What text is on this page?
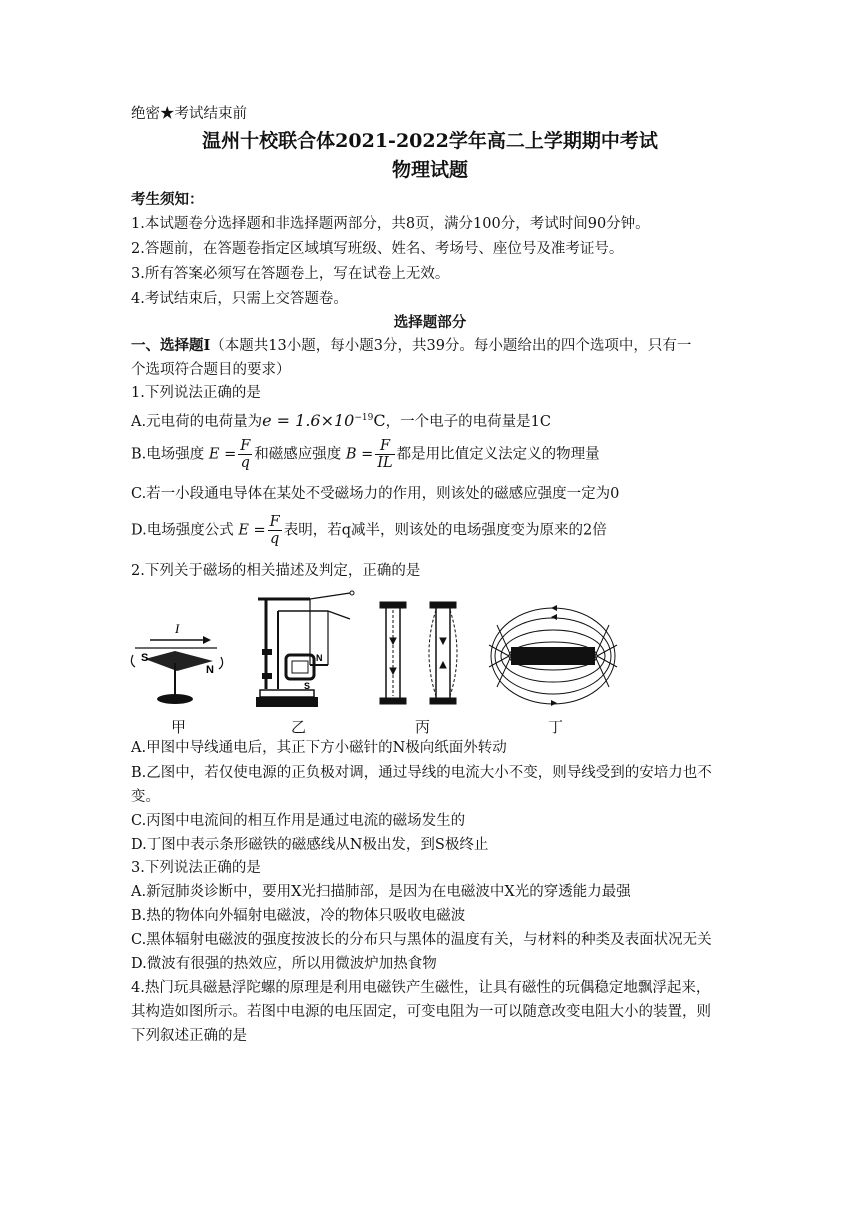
绝密★考试结束前
温州十校联合体2021-2022学年高二上学期期中考试
物理试题
考生须知：
1.本试题卷分选择题和非选择题两部分，共8页，满分100分，考试时间90分钟。
2.答题前，在答题卷指定区域填写班级、姓名、考场号、座位号及准考证号。
3.所有答案必须写在答题卷上，写在试卷上无效。
4.考试结束后，只需上交答题卷。
选择题部分
一、选择题Ⅰ（本题共13小题，每小题3分，共39分。每小题给出的四个选项中，只有一
个选项符合题目的要求）
1.下列说法正确的是
A.元电荷的电荷量为$e = 1.6\times 10^{-19}C$，一个电子的电荷量是1C
B.电场强度 $E = \frac{F}{q}$ 和磁感应强度 $B = \frac{F}{IL}$ 都是用比值定义法定义的物理量
C.若一小段通电导体在某处不受磁场力的作用，则该处的磁感应强度一定为0
D.电场强度公式 $E = \frac{F}{q}$ 表明，若q减半，则该处的电场强度变为原来的2倍
2.下列关于磁场的相关描述及判定，正确的是
I
S
N
甲
N
S
乙	丙	丁
A.甲图中导线通电后，其正下方小磁针的N极向纸面外转动
B.乙图中，若仅使电源的正负极对调，通过导线的电流大小不变，则导线受到的安培力也不
变。
C.丙图中电流间的相互作用是通过电流的磁场发生的
D.丁图中表示条形磁铁的磁感线从N极出发，到S极终止
3.下列说法正确的是
A.新冠肺炎诊断中，要用X光扫描肺部，是因为在电磁波中X光的穿透能力最强
B.热的物体向外辐射电磁波，冷的物体只吸收电磁波
C.黑体辐射电磁波的强度按波长的分布只与黑体的温度有关，与材料的种类及表面状况无关
D.微波有很强的热效应，所以用微波炉加热食物
4.热门玩具磁悬浮陀螺的原理是利用电磁铁产生磁性，让具有磁性的玩偶稳定地飘浮起来，
其构造如图所示。若图中电源的电压固定，可变电阻为一可以随意改变电阻大小的装置，则
下列叙述正确的是
